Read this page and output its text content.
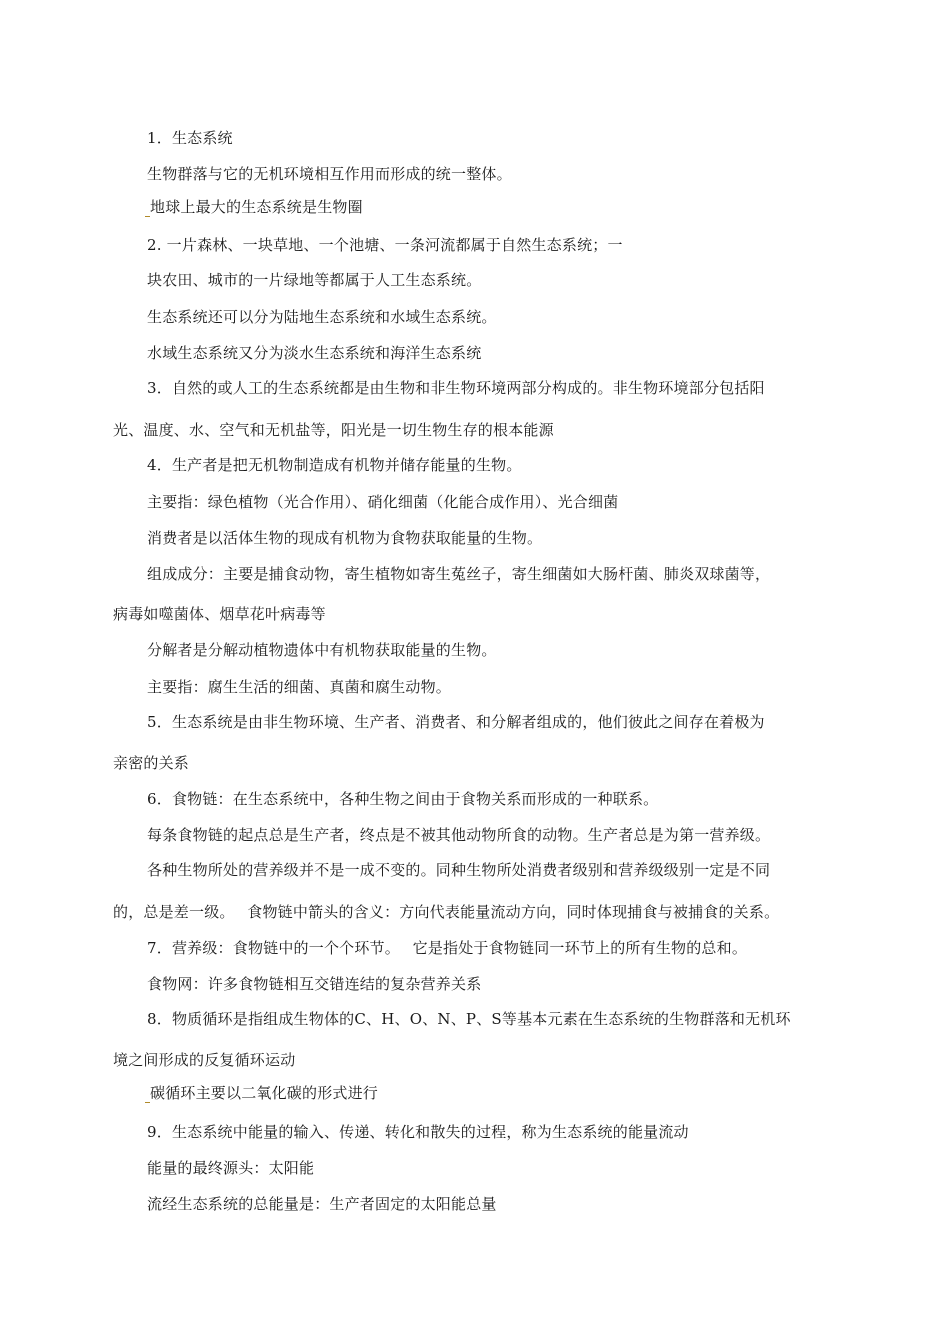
1．生态系统
生物群落与它的无机环境相互作用而形成的统一整体。
地球上最大的生态系统是生物圈
2. 一片森林、一块草地、一个池塘、一条河流都属于自然生态系统；一
块农田、城市的一片绿地等都属于人工生态系统。
生态系统还可以分为陆地生态系统和水域生态系统。
水域生态系统又分为淡水生态系统和海洋生态系统
3．自然的或人工的生态系统都是由生物和非生物环境两部分构成的。非生物环境部分包括阳
光、温度、水、空气和无机盐等，阳光是一切生物生存的根本能源
4．生产者是把无机物制造成有机物并储存能量的生物。
主要指：绿色植物（光合作用）、硝化细菌（化能合成作用）、光合细菌
消费者是以活体生物的现成有机物为食物获取能量的生物。
组成成分：主要是捕食动物，寄生植物如寄生菟丝子，寄生细菌如大肠杆菌、肺炎双球菌等，
病毒如噬菌体、烟草花叶病毒等
分解者是分解动植物遗体中有机物获取能量的生物。
主要指：腐生生活的细菌、真菌和腐生动物。
5．生态系统是由非生物环境、生产者、消费者、和分解者组成的，他们彼此之间存在着极为
亲密的关系
6．食物链：在生态系统中，各种生物之间由于食物关系而形成的一种联系。
每条食物链的起点总是生产者，终点是不被其他动物所食的动物。生产者总是为第一营养级。
各种生物所处的营养级并不是一成不变的。同种生物所处消费者级别和营养级级别一定是不同
的，总是差一级。　 食物链中箭头的含义：方向代表能量流动方向，同时体现捕食与被捕食的关系。
7．营养级：食物链中的一个个环节。　 它是指处于食物链同一环节上的所有生物的总和。
食物网：许多食物链相互交错连结的复杂营养关系
8．物质循环是指组成生物体的C、H、O、N、P、S等基本元素在生态系统的生物群落和无机环
境之间形成的反复循环运动
碳循环主要以二氧化碳的形式进行
9．生态系统中能量的输入、传递、转化和散失的过程，称为生态系统的能量流动
能量的最终源头：太阳能
流经生态系统的总能量是：生产者固定的太阳能总量
